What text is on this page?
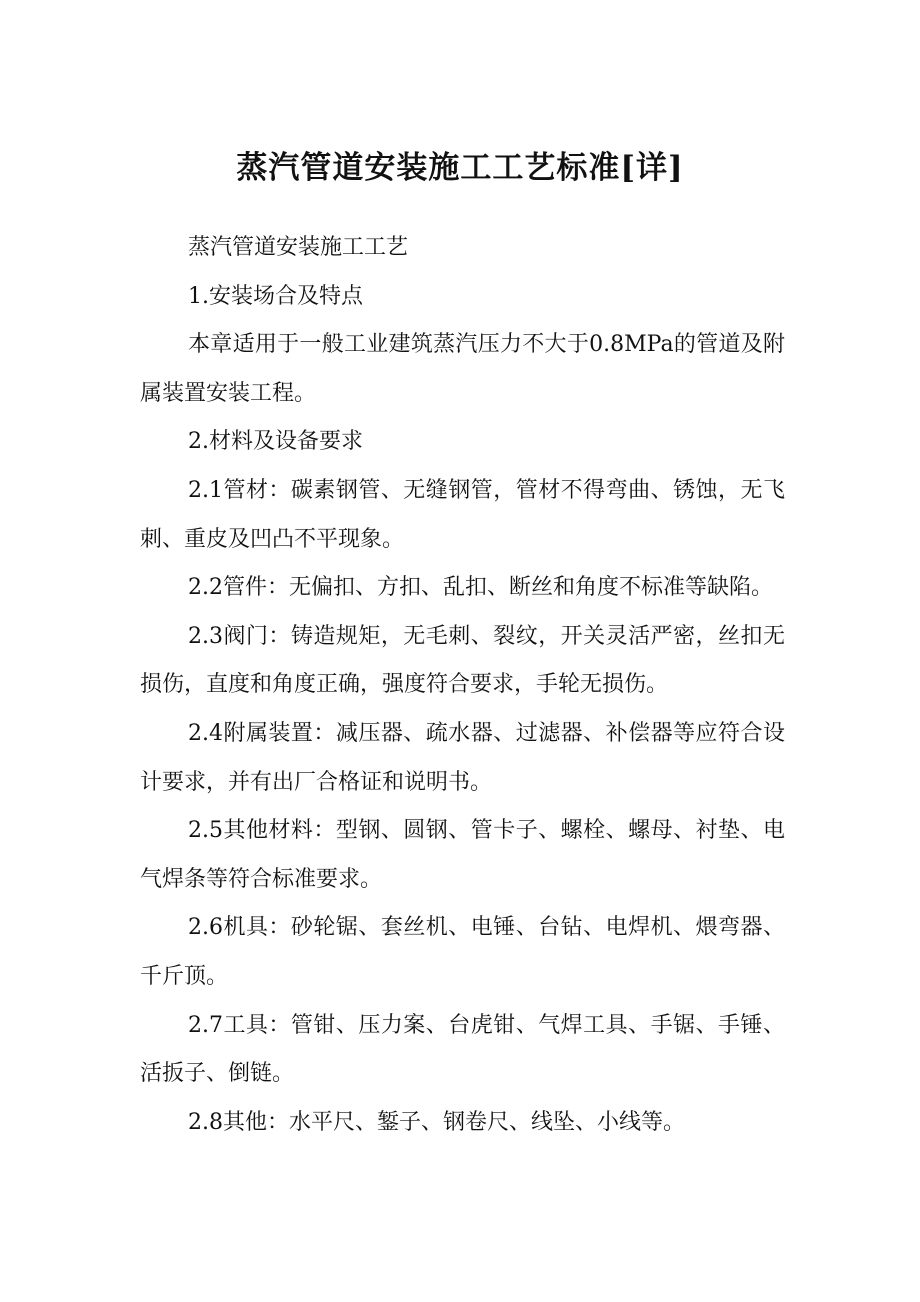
蒸汽管道安装施工工艺标准[详]

蒸汽管道安装施工工艺

1.安装场合及特点

本章适用于一般工业建筑蒸汽压力不大于0.8MPa的管道及附属装置安装工程。

2.材料及设备要求

2.1管材：碳素钢管、无缝钢管，管材不得弯曲、锈蚀，无飞刺、重皮及凹凸不平现象。

2.2管件：无偏扣、方扣、乱扣、断丝和角度不标准等缺陷。

2.3阀门：铸造规矩，无毛刺、裂纹，开关灵活严密，丝扣无损伤，直度和角度正确，强度符合要求，手轮无损伤。

2.4附属装置：减压器、疏水器、过滤器、补偿器等应符合设计要求，并有出厂合格证和说明书。

2.5其他材料：型钢、圆钢、管卡子、螺栓、螺母、衬垫、电气焊条等符合标准要求。

2.6机具：砂轮锯、套丝机、电锤、台钻、电焊机、煨弯器、千斤顶。

2.7工具：管钳、压力案、台虎钳、气焊工具、手锯、手锤、活扳子、倒链。

2.8其他：水平尺、錾子、钢卷尺、线坠、小线等。
